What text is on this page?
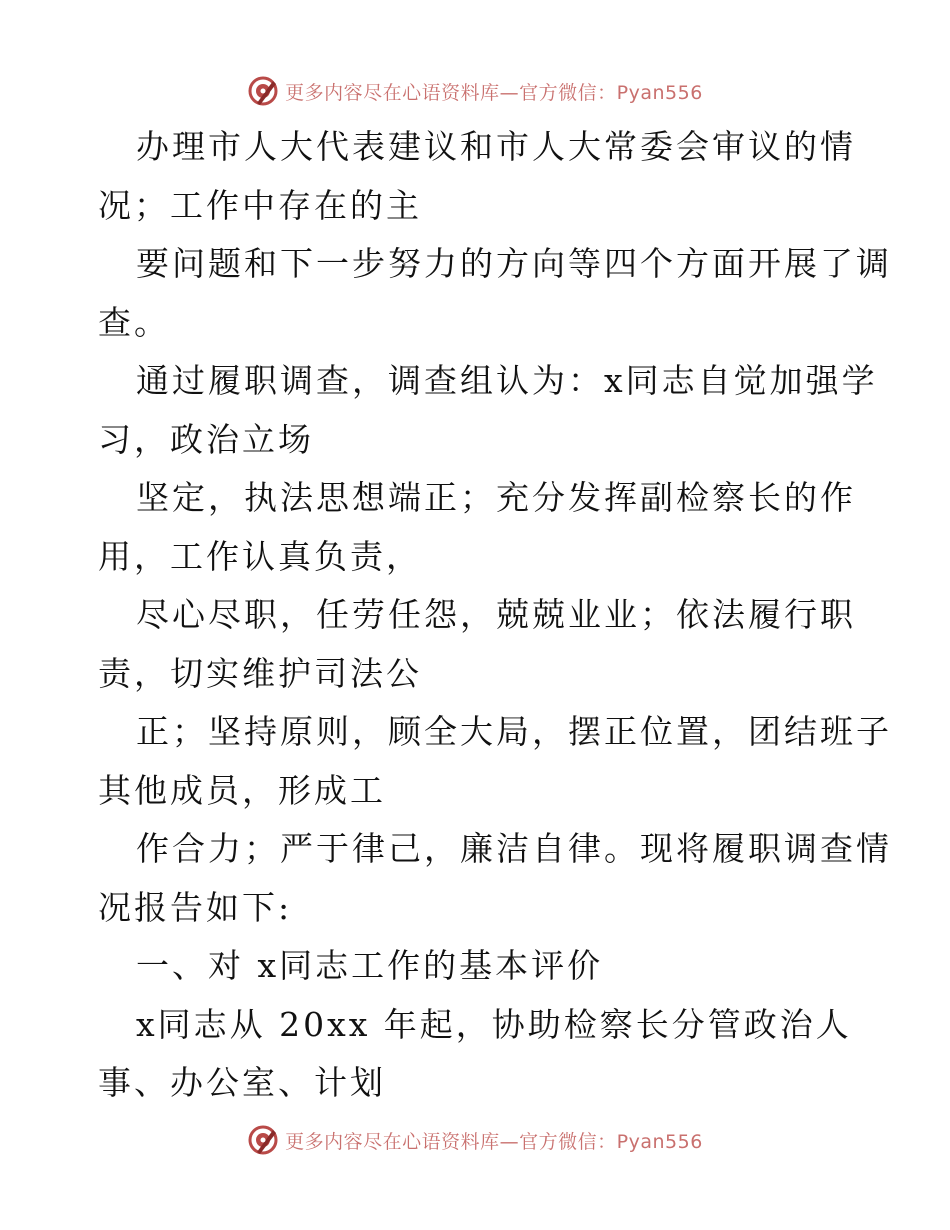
更多内容尽在心语资料库—官方微信：Pyan556
办理市人大代表建议和市人大常委会审议的情
况；工作中存在的主
要问题和下一步努力的方向等四个方面开展了调
查。
通过履职调查，调查组认为：x同志自觉加强学
习，政治立场
坚定，执法思想端正；充分发挥副检察长的作
用，工作认真负责，
尽心尽职，任劳任怨，兢兢业业；依法履行职
责，切实维护司法公
正；坚持原则，顾全大局，摆正位置，团结班子
其他成员，形成工
作合力；严于律己，廉洁自律。现将履职调查情
况报告如下:
一、对 x同志工作的基本评价
x同志从 20xx 年起，协助检察长分管政治人
事、办公室、计划
更多内容尽在心语资料库—官方微信：Pyan556
